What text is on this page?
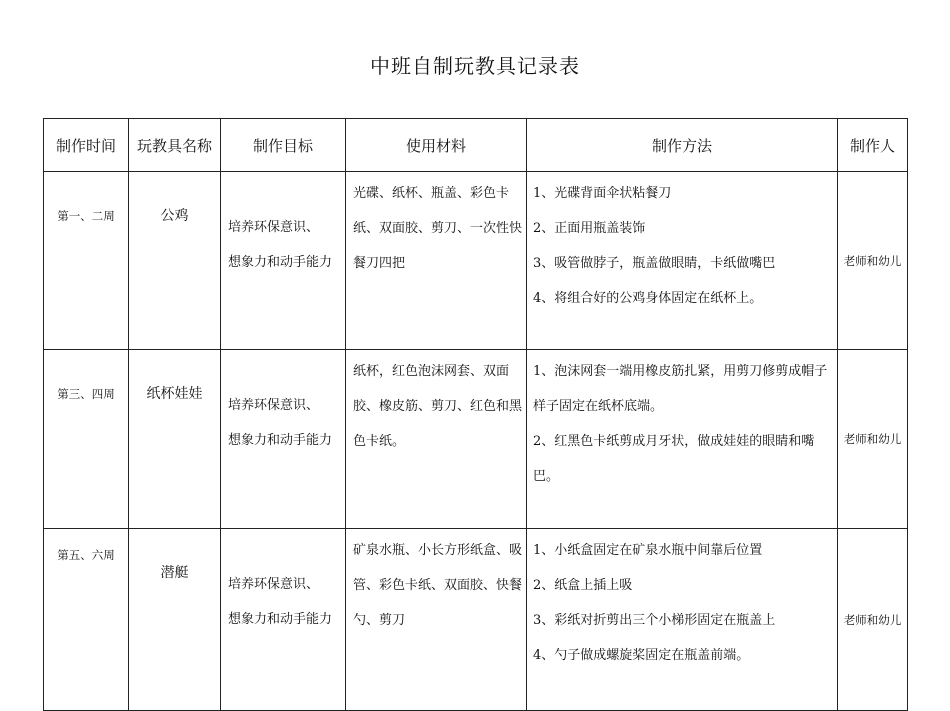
中班自制玩教具记录表
制作时间	玩教具名称	制作目标	使用材料	制作方法	制作人
第一、二周	公鸡	培养环保意识、
想象力和动手能力	光碟、纸杯、瓶盖、彩色卡纸、双面胶、剪刀、一次性快餐刀四把	1、光碟背面伞状粘餐刀
2、正面用瓶盖装饰
3、吸管做脖子，瓶盖做眼睛，卡纸做嘴巴
4、将组合好的公鸡身体固定在纸杯上。	老师和幼儿
第三、四周	纸杯娃娃	培养环保意识、
想象力和动手能力	纸杯，红色泡沫网套、双面胶、橡皮筋、剪刀、红色和黑色卡纸。	1、泡沫网套一端用橡皮筋扎紧，用剪刀修剪成帽子样子固定在纸杯底端。
2、红黑色卡纸剪成月牙状，做成娃娃的眼睛和嘴巴。	老师和幼儿
第五、六周	潜艇	培养环保意识、
想象力和动手能力	矿泉水瓶、小长方形纸盒、吸管、彩色卡纸、双面胶、快餐勺、剪刀	1、小纸盒固定在矿泉水瓶中间靠后位置
2、纸盒上插上吸
3、彩纸对折剪出三个小梯形固定在瓶盖上
4、勺子做成螺旋桨固定在瓶盖前端。	老师和幼儿
